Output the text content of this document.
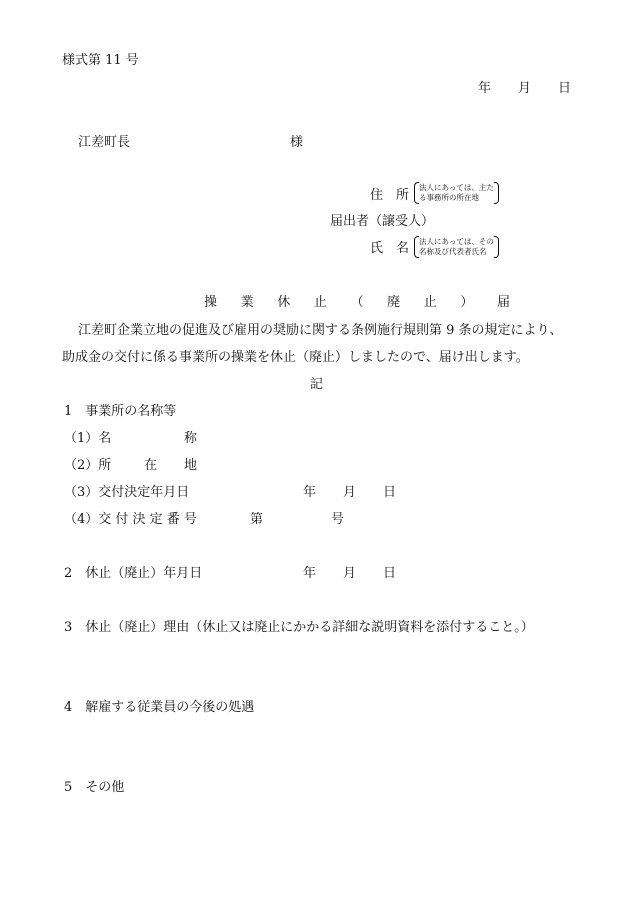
様式第 11 号
年 月 日
江差町長	様
住　所
法人にあっては、主た
る事務所の所在地
届出者（譲受人）
氏　名 法人にあっては、その
名称及び代表者氏名
操 業 休 止 （ 廃 止 ） 届
江差町企業立地の促進及び雇用の奨励に関する条例施行規則第 9 条の規定により、
助成金の交付に係る事業所の操業を休止（廃止）しましたので、届け出します。
記
1　事業所の名称等
（1）名	称
（2）所	在 地
（3）交付決定年月日	年 月 日
（4）交 付 決 定 番 号	第	号
2　休止（廃止）年月日	年 月 日
3　休止（廃止）理由（休止又は廃止にかかる詳細な説明資料を添付すること。）
4　解雇する従業員の今後の処遇
5　その他
